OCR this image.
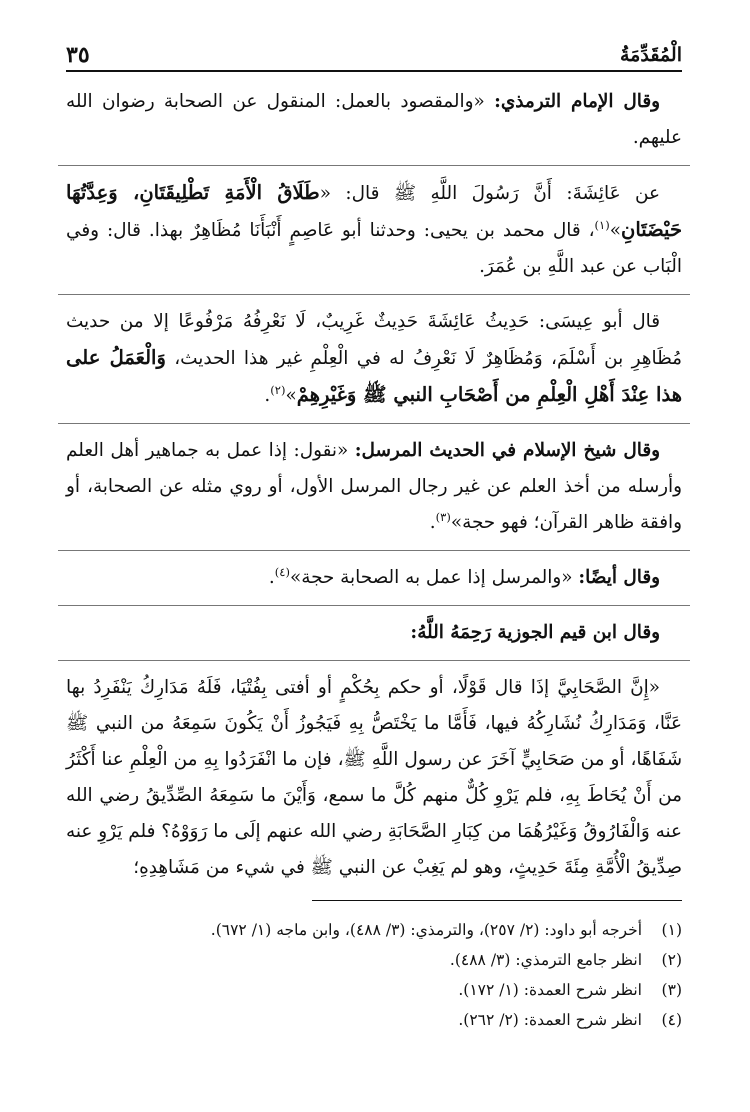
الْمُقَدِّمَةُ
٣٥

وقال الإمام الترمذي: «والمقصود بالعمل: المنقول عن الصحابة رضوان الله عليهم.

عن عَائِشَةَ: أَنَّ رَسُولَ اللَّهِ ﷺ قال: «طَلَاقُ الْأَمَةِ تَطْلِيقَتَانِ، وَعِدَّتُهَا حَيْضَتَانِ»$^{(١)}$، قال محمد بن يحيى: وحدثنا أبو عَاصِمٍ أَنْبَأَنَا مُظَاهِرٌ بهذا. قال: وفي الْبَاب عن عبد اللَّهِ بن عُمَرَ.

قال أبو عِيسَى: حَدِيثُ عَائِشَةَ حَدِيثٌ غَرِيبٌ، لَا نَعْرِفُهُ مَرْفُوعًا إلا من حديث مُظَاهِرِ بن أَسْلَمَ، وَمُظَاهِرٌ لَا نَعْرِفُ له في الْعِلْمِ غير هذا الحديث، وَالْعَمَلُ على هذا عِنْدَ أَهْلِ الْعِلْمِ من أَصْحَابِ النبي ﷺ وَغَيْرِهِمْ»$^{(٢)}$.

وقال شيخ الإسلام في الحديث المرسل: «نقول: إذا عمل به جماهير أهل العلم وأرسله من أخذ العلم عن غير رجال المرسل الأول، أو روي مثله عن الصحابة، أو وافقة ظاهر القرآن؛ فهو حجة»$^{(٣)}$.

وقال أيضًا: «والمرسل إذا عمل به الصحابة حجة»$^{(٤)}$.

وقال ابن قيم الجوزية رَحِمَهُ اللَّهُ:

«إِنَّ الصَّحَابِيَّ إذَا قال قَوْلًا، أو حكم بِحُكْمٍ أو أفتى بِفُتْيَا، فَلَهُ مَدَارِكُ يَنْفَرِدُ بها عَنَّا، وَمَدَارِكُ نُشَارِكُهُ فيها، فَأَمَّا ما يَخْتَصُّ بِهِ فَيَجُوزُ أَنْ يَكُونَ سَمِعَهُ من النبي ﷺ شَفَاهًا، أو من صَحَابِيٍّ آخَرَ عن رسول اللَّهِ ﷺ، فإن ما انْفَرَدُوا بِهِ من الْعِلْمِ عنا أَكْثَرُ من أَنْ يُحَاطَ بِهِ، فلم يَرْوِ كُلٌّ منهم كُلَّ ما سمع، وَأَيْنَ ما سَمِعَهُ الصِّدِّيقُ رضي الله عنه وَالْفَارُوقُ وَغَيْرُهُمَا من كِبَارِ الصَّحَابَةِ رضي الله عنهم إلَى ما رَوَوْهُ؟ فلم يَرْوِ عنه صِدِّيقُ الْأُمَّةِ مِئَةَ حَدِيثٍ، وهو لم يَغِبْ عن النبي ﷺ في شيء من مَشَاهِدِهِ؛

(١)
أخرجه أبو داود: (٢/ ٢٥٧)، والترمذي: (٣/ ٤٨٨)، وابن ماجه (١/ ٦٧٢).
(٢)
انظر جامع الترمذي: (٣/ ٤٨٨).
(٣)
انظر شرح العمدة: (١/ ١٧٢).
(٤)
انظر شرح العمدة: (٢/ ٢٦٢).
